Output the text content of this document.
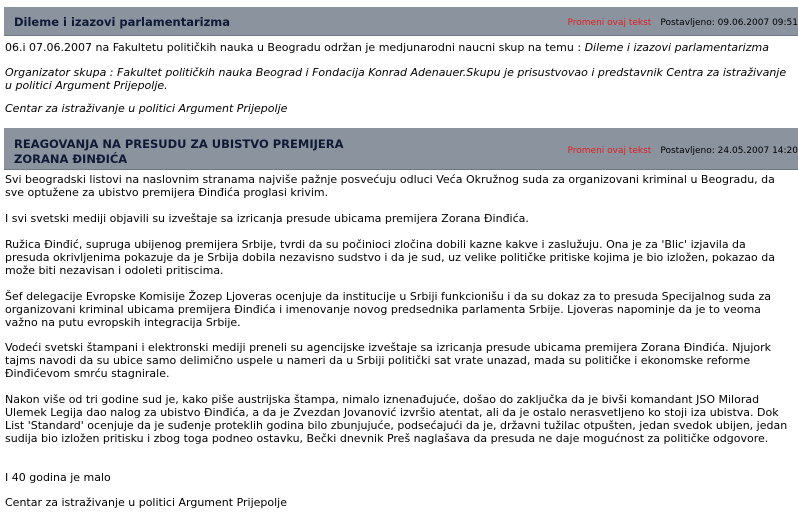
Dileme i izazovi parlamentarizma	Promeni ovaj tekst Postavljeno: 09.06.2007 09:51

06.i 07.06.2007 na Fakultetu političkih nauka u Beogradu održan je medjunarodni naucni skup na temu : Dileme i izazovi parlamentarizma

Organizator skupa : Fakultet političkih nauka Beograd i Fondacija Konrad Adenauer.Skupu je prisustvovao i predstavnik Centra za istraživanje u politici Argument Prijepolje.

Centar za istraživanje u politici Argument Prijepolje

REAGOVANJA NA PRESUDU ZA UBISTVO PREMIJERA
ZORANA ĐINĐIĆA
Promeni ovaj tekst Postavljeno: 24.05.2007 14:20

Svi beogradski listovi na naslovnim stranama najviše pažnje posvećuju odluci Većа Okružnog suda za organizovani kriminal u Beogradu, da sve optužene za ubistvo premijera Đinđića proglasi krivim.

I svi svetski mediji objavili su izveštaje sa izricanja presude ubicama premijera Zorana Đinđića.

Ružica Đinđić, supruga ubijenog premijera Srbije, tvrdi da su počinioci zločina dobili kazne kakve i zaslužuju. Ona je za 'Blic' izjavila da presuda okrivljenima pokazuje da je Srbija dobila nezavisno sudstvo i da je sud, uz velike političke pritiske kojima je bio izložen, pokazao da može biti nezavisan i odoleti pritiscima.

Šef delegacije Evropske Komisije Žozep Ljoveras ocenjuje da institucije u Srbiji funkcionišu i da su dokaz za to presuda Specijalnog suda za organizovani kriminal ubicama premijera Đinđića i imenovanje novog predsednika parlamenta Srbije. Ljoveras napominje da je to veoma važno na putu evropskih integracija Srbije.

Vodeći svetski štampani i elektronski mediji preneli su agencijske izveštaje sa izricanja presude ubicama premijera Zorana Đinđića. Njujork tajms navodi da su ubice samo delimično uspele u nameri da u Srbiji politički sat vrate unazad, mada su političke i ekonomske reforme Đinđićevom smrću stagnirale.

Nakon više od tri godine sud je, kako piše austrijska štampa, nimalo iznenađujuće, došao do zaključka da je bivši komandant JSO Milorad Ulemek Legija dao nalog za ubistvo Đinđića, a da je Zvezdan Jovanović izvršio atentat, ali da je ostalo nerasvetljeno ko stoji iza ubistva. Dok List 'Standard' ocenjuje da je suđenje proteklih godina bilo zbunjujuće, podsećajući da je, državni tužilac otpušten, jedan svedok ubijen, jedan sudija bio izložen pritisku i zbog toga podneo ostavku, Bečki dnevnik Preš naglašava da presuda ne daje mogućnost za političke odgovore.

I 40 godina je malo

Centar za istraživanje u politici Argument Prijepolje
